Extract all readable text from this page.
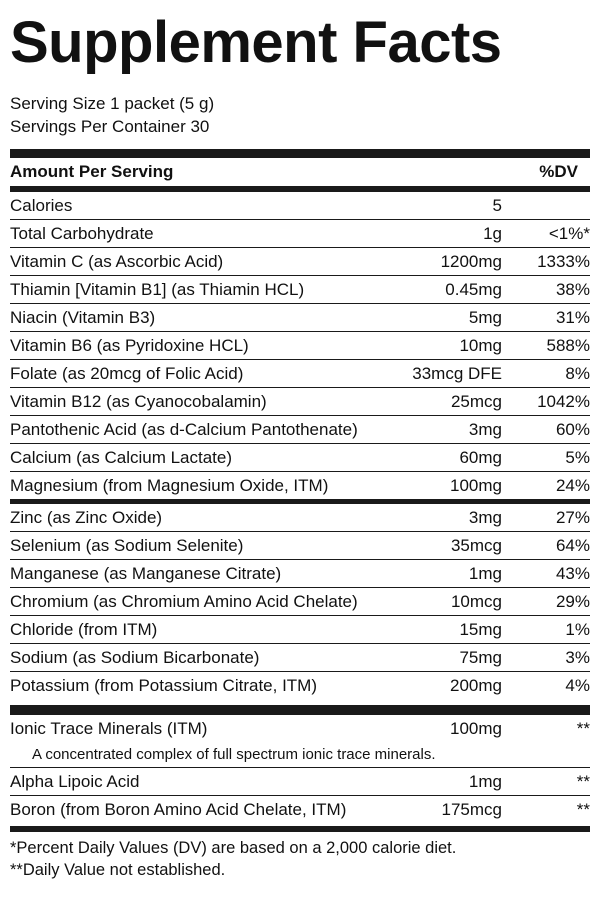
Supplement Facts
Serving Size 1 packet (5 g)
Servings Per Container 30
Amount Per Serving	%DV
Calories	5
Total Carbohydrate	1g	<1%*
Vitamin C (as Ascorbic Acid)	1200mg	1333%
Thiamin [Vitamin B1] (as Thiamin HCL)	0.45mg	38%
Niacin (Vitamin B3)	5mg	31%
Vitamin B6 (as Pyridoxine HCL)	10mg	588%
Folate (as 20mcg of Folic Acid)	33mcg DFE	8%
Vitamin B12 (as Cyanocobalamin)	25mcg	1042%
Pantothenic Acid (as d-Calcium Pantothenate)	3mg	60%
Calcium (as Calcium Lactate)	60mg	5%
Magnesium (from Magnesium Oxide, ITM)	100mg	24%
Zinc (as Zinc Oxide)	3mg	27%
Selenium (as Sodium Selenite)	35mcg	64%
Manganese (as Manganese Citrate)	1mg	43%
Chromium (as Chromium Amino Acid Chelate)	10mcg	29%
Chloride (from ITM)	15mg	1%
Sodium (as Sodium Bicarbonate)	75mg	3%
Potassium (from Potassium Citrate, ITM)	200mg	4%
Ionic Trace Minerals (ITM)	100mg	**
A concentrated complex of full spectrum ionic trace minerals.
Alpha Lipoic Acid	1mg	**
Boron (from Boron Amino Acid Chelate, ITM)	175mcg	**
*Percent Daily Values (DV) are based on a 2,000 calorie diet.
**Daily Value not established.
